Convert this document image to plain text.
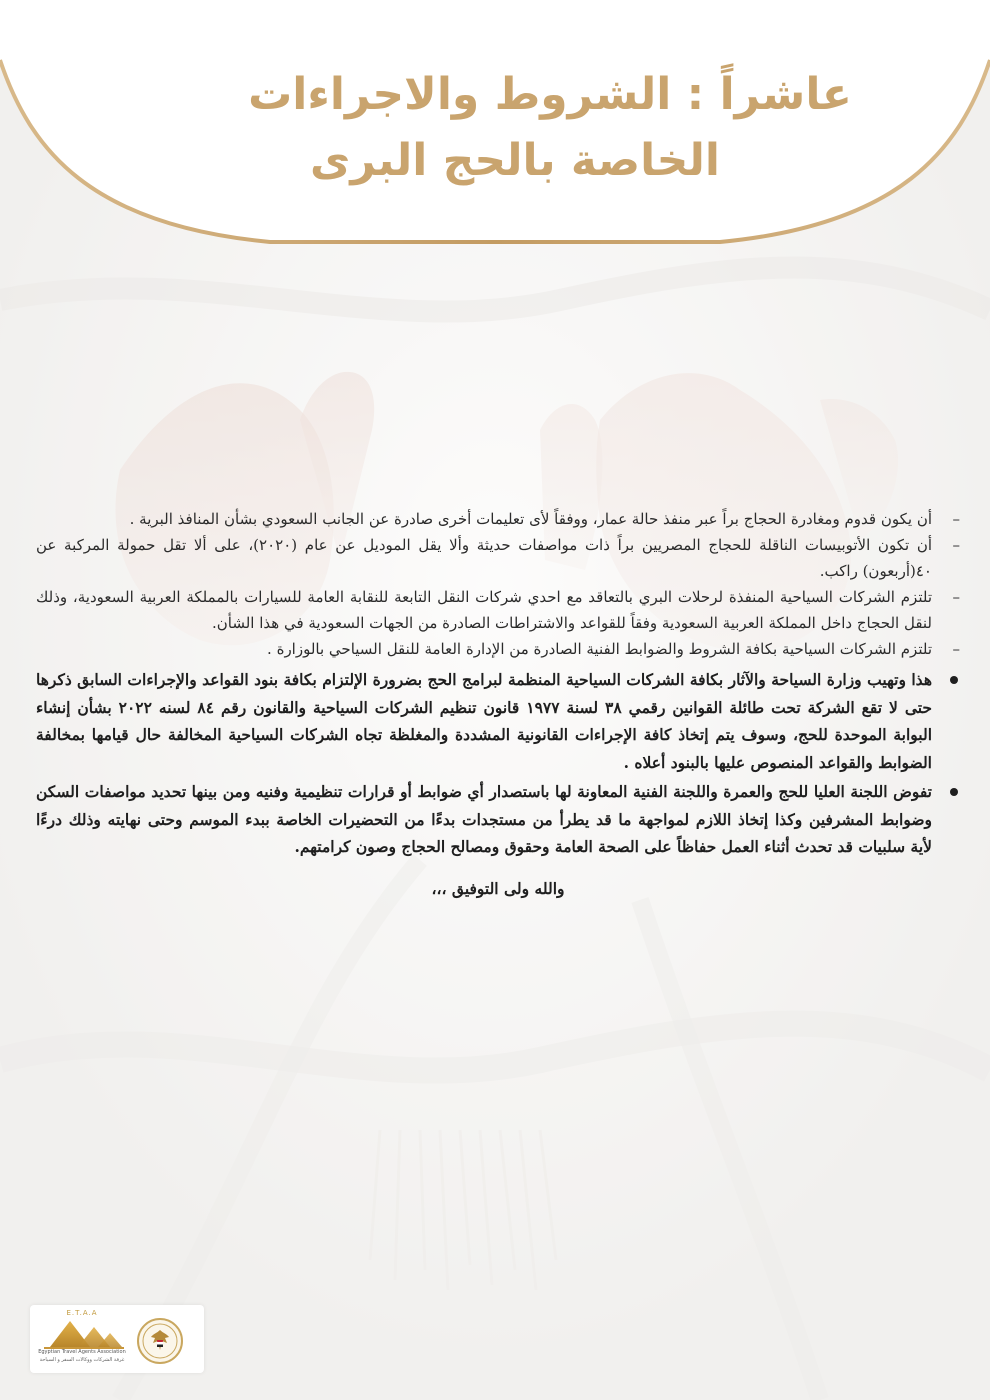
عاشراً : الشروط والاجراءات
الخاصة بالحج البرى
–
أن يكون قدوم ومغادرة الحجاج براً عبر منفذ حالة عمار، ووفقاً لأى تعليمات أخرى صادرة عن الجانب السعودي بشأن المنافذ البرية .
–
أن تكون الأتوبيسات الناقلة للحجاج المصريين براً ذات مواصفات حديثة وألا يقل الموديل عن عام (٢٠٢٠)، على ألا تقل حمولة المركبة عن ٤٠(أربعون) راكب.
–
تلتزم الشركات السياحية المنفذة لرحلات البري بالتعاقد مع احدي شركات النقل التابعة للنقابة العامة للسيارات بالمملكة العربية السعودية، وذلك لنقل الحجاج داخل المملكة العربية السعودية وفقاً للقواعد والاشتراطات الصادرة من الجهات السعودية في هذا الشأن.
–
تلتزم الشركات السياحية بكافة الشروط والضوابط الفنية الصادرة من الإدارة العامة للنقل السياحي بالوزارة .
هذا وتهيب وزارة السياحة والآثار بكافة الشركات السياحية المنظمة لبرامج الحج بضرورة الإلتزام بكافة بنود القواعد والإجراءات السابق ذكرها حتى لا تقع الشركة تحت طائلة القوانين رقمي ٣٨ لسنة ١٩٧٧ قانون تنظيم الشركات السياحية والقانون رقم ٨٤ لسنه ٢٠٢٢ بشأن إنشاء البوابة الموحدة للحج، وسوف يتم إتخاذ كافة الإجراءات القانونية المشددة والمغلظة تجاه الشركات السياحية المخالفة حال قيامها بمخالفة الضوابط والقواعد المنصوص عليها بالبنود أعلاه .
تفوض اللجنة العليا للحج والعمرة واللجنة الفنية المعاونة لها باستصدار أي ضوابط أو قرارات تنظيمية وفنيه ومن بينها تحديد مواصفات السكن وضوابط المشرفين وكذا إتخاذ اللازم لمواجهة ما قد يطرأ من مستجدات بدءًا من التحضيرات الخاصة ببدء الموسم وحتى نهايته وذلك درءًا لأية سلبيات قد تحدث أثناء العمل حفاظاً على الصحة العامة وحقوق ومصالح الحجاج وصون كرامتهم.
والله ولى التوفيق ،،،
E.T.A.A
Egyptian Travel Agents Association
غرفة الشركات ووكالات السفر و السياحة
